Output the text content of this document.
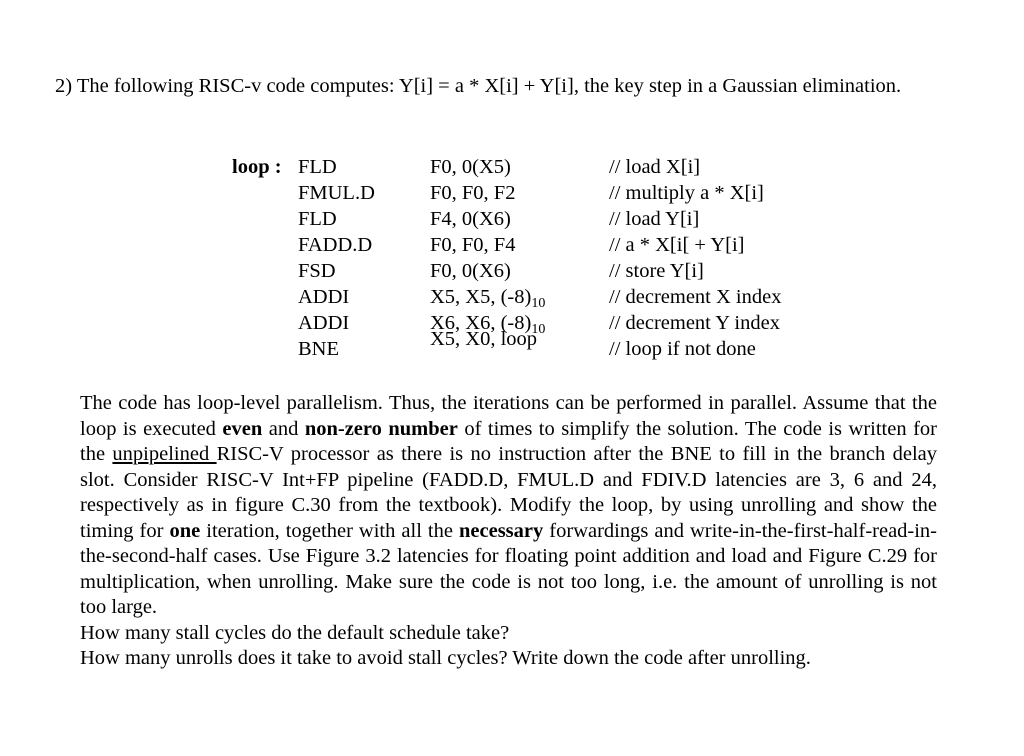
2) The following RISC-v code computes: Y[i] = a * X[i] + Y[i], the key step in a Gaussian elimination.
loop : FLD
FMUL.D
FLD
FADD.D
FSD
ADDI
ADDI
BNE
F0, 0(X5)
F0, F0, F2
F4, 0(X6)
F0, F0, F4
F0, 0(X6)
X5, X5, $(-8)_{10}$
X6, X6, $(-8)_{10}$
X5, X0, loop
// load X[i]
// multiply a * X[i]
// load Y[i]
// a * X[i[ + Y[i]
// store Y[i]
// decrement X index
// decrement Y index
// loop if not done
The code has loop-level parallelism. Thus, the iterations can be performed in parallel. Assume that the loop is executed even and non-zero number of times to simplify the solution. The code is written for the unpipelined RISC-V processor as there is no instruction after the BNE to fill in the branch delay slot. Consider RISC-V Int+FP pipeline (FADD.D, FMUL.D and FDIV.D latencies are 3, 6 and 24, respectively as in figure C.30 from the textbook). Modify the loop, by using unrolling and show the timing for one iteration, together with all the necessary forwardings and write-in-the-first-half-read-in-the-second-half cases. Use Figure 3.2 latencies for floating point addition and load and Figure C.29 for multiplication, when unrolling. Make sure the code is not too long, i.e. the amount of unrolling is not too large.
How many stall cycles do the default schedule take?
How many unrolls does it take to avoid stall cycles? Write down the code after unrolling.
